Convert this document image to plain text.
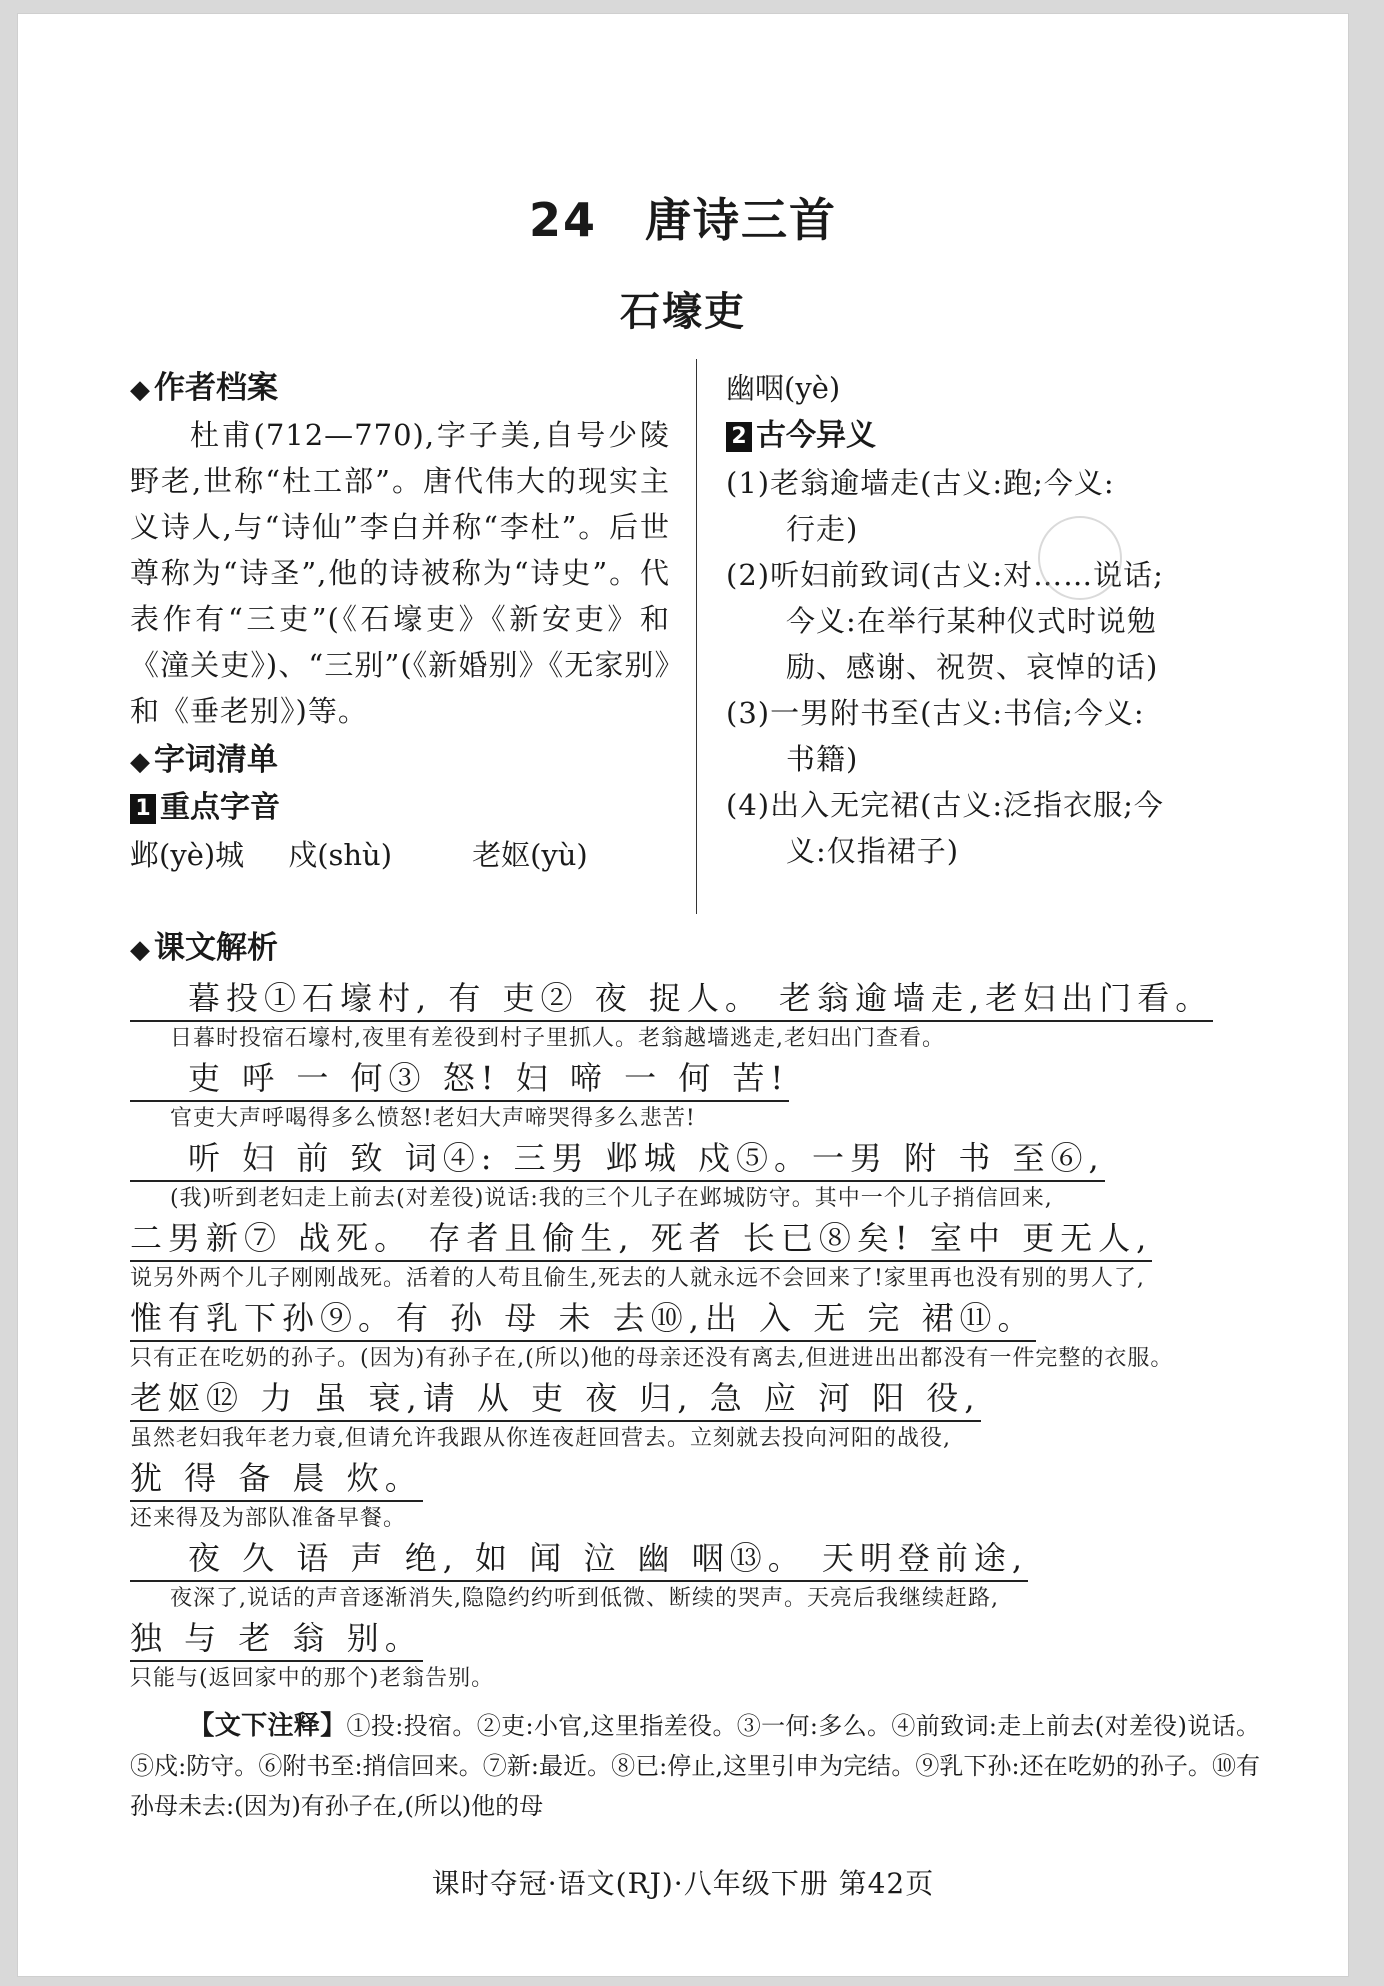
24 唐诗三首
石壕吏
◆ 作者档案
杜甫(712—770),字子美,自号少陵野老,世称“杜工部”。唐代伟大的现实主义诗人,与“诗仙”李白并称“李杜”。后世尊称为“诗圣”,他的诗被称为“诗史”。代表作有“三吏”(《石壕吏》《新安吏》和《潼关吏》)、“三别”(《新婚别》《无家别》和《垂老别》)等。
◆ 字词清单
1 重点字音
邺(yè)城 戍(shù)	老妪(yù)
幽咽(yè)
2 古今异义
(1)老翁逾墙走(古义:跑;今义:
行走)
(2)听妇前致词(古义:对……说话;
今义:在举行某种仪式时说勉
励、感谢、祝贺、哀悼的话)
(3)一男附书至(古义:书信;今义:
书籍)
(4)出入无完裙(古义:泛指衣服;今
义:仅指裙子)
◆ 课文解析
暮投①石壕村, 有 吏② 夜 捉人。 老翁逾墙走,老妇出门看。
日暮时投宿石壕村,夜里有差役到村子里抓人。老翁越墙逃走,老妇出门查看。
吏 呼 一 何③ 怒! 妇 啼 一 何 苦!
官吏大声呼喝得多么愤怒!老妇大声啼哭得多么悲苦!
听 妇 前 致 词④: 三男 邺城 戍⑤。一男 附 书 至⑥,
(我)听到老妇走上前去(对差役)说话:我的三个儿子在邺城防守。其中一个儿子捎信回来,
二男新⑦ 战死。 存者且偷生, 死者 长已⑧矣! 室中 更无人,
说另外两个儿子刚刚战死。活着的人苟且偷生,死去的人就永远不会回来了!家里再也没有别的男人了,
惟有乳下孙⑨。有 孙 母 未 去⑩,出 入 无 完 裙⑪。
只有正在吃奶的孙子。(因为)有孙子在,(所以)他的母亲还没有离去,但进进出出都没有一件完整的衣服。
老妪⑫ 力 虽 衰,请 从 吏 夜 归, 急 应 河 阳 役,
虽然老妇我年老力衰,但请允许我跟从你连夜赶回营去。立刻就去投向河阳的战役,
犹 得 备 晨 炊。
还来得及为部队准备早餐。
夜 久 语 声 绝, 如 闻 泣 幽 咽⑬。 天明登前途,
夜深了,说话的声音逐渐消失,隐隐约约听到低微、断续的哭声。天亮后我继续赶路,
独 与 老 翁 别。
只能与(返回家中的那个)老翁告别。
【文下注释】①投:投宿。②吏:小官,这里指差役。③一何:多么。④前致词:走上前去(对差役)说话。⑤戍:防守。⑥附书至:捎信回来。⑦新:最近。⑧已:停止,这里引申为完结。⑨乳下孙:还在吃奶的孙子。⑩有孙母未去:(因为)有孙子在,(所以)他的母
课时夺冠·语文(RJ)·八年级下册 第42页
